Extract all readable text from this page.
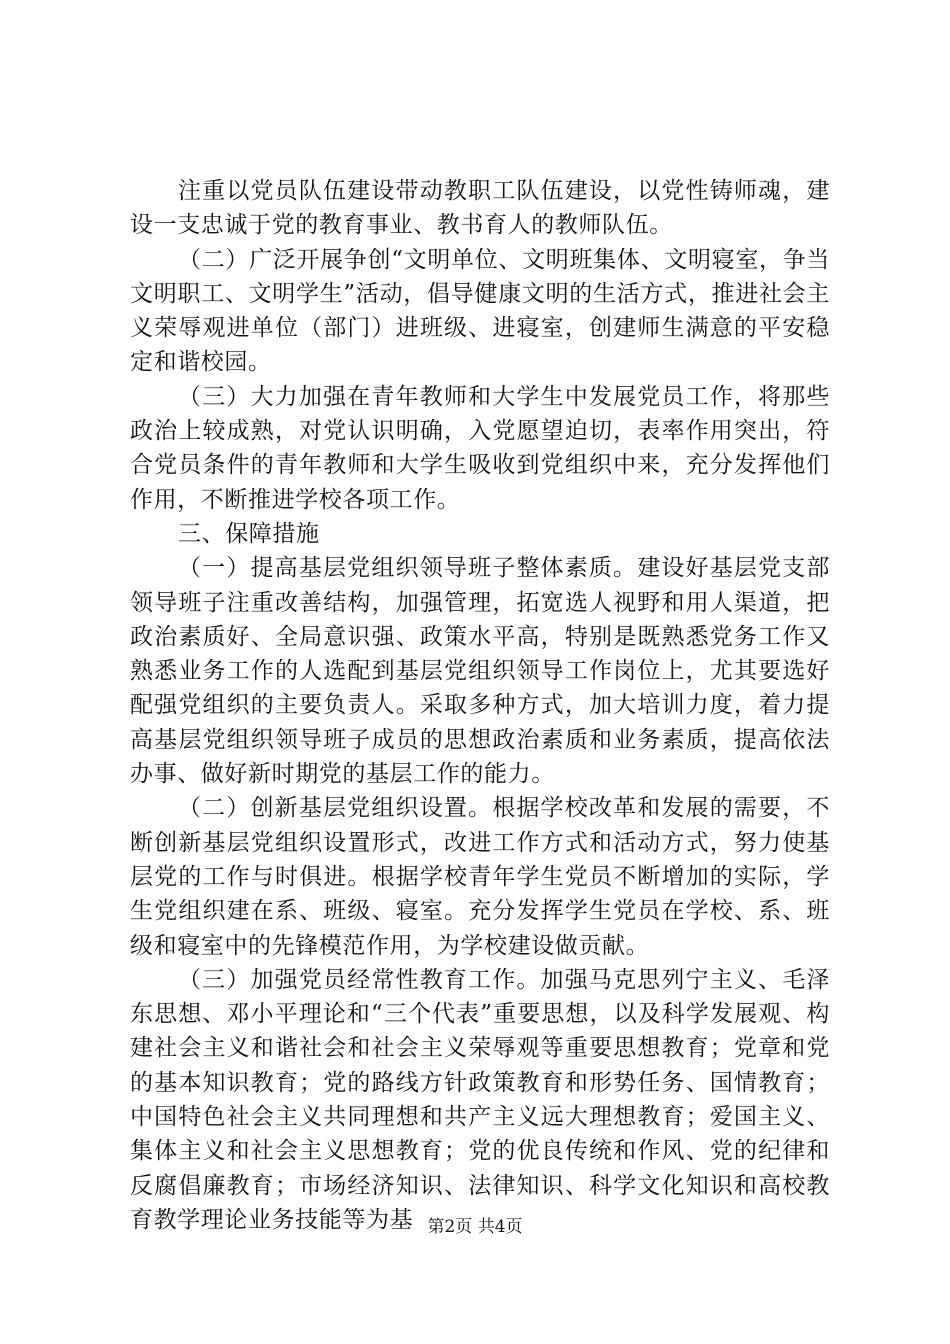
注重以党员队伍建设带动教职工队伍建设，以党性铸师魂，建设一支忠诚于党的教育事业、教书育人的教师队伍。

（二）广泛开展争创“文明单位、文明班集体、文明寝室，争当文明职工、文明学生”活动，倡导健康文明的生活方式，推进社会主义荣辱观进单位（部门）进班级、进寝室，创建师生满意的平安稳定和谐校园。

（三）大力加强在青年教师和大学生中发展党员工作，将那些政治上较成熟，对党认识明确，入党愿望迫切，表率作用突出，符合党员条件的青年教师和大学生吸收到党组织中来，充分发挥他们作用，不断推进学校各项工作。

三、保障措施

（一）提高基层党组织领导班子整体素质。建设好基层党支部领导班子注重改善结构，加强管理，拓宽选人视野和用人渠道，把政治素质好、全局意识强、政策水平高，特别是既熟悉党务工作又熟悉业务工作的人选配到基层党组织领导工作岗位上，尤其要选好配强党组织的主要负责人。采取多种方式，加大培训力度，着力提高基层党组织领导班子成员的思想政治素质和业务素质，提高依法办事、做好新时期党的基层工作的能力。

（二）创新基层党组织设置。根据学校改革和发展的需要，不断创新基层党组织设置形式，改进工作方式和活动方式，努力使基层党的工作与时俱进。根据学校青年学生党员不断增加的实际，学生党组织建在系、班级、寝室。充分发挥学生党员在学校、系、班级和寝室中的先锋模范作用，为学校建设做贡献。

（三）加强党员经常性教育工作。加强马克思列宁主义、毛泽东思想、邓小平理论和“三个代表”重要思想，以及科学发展观、构建社会主义和谐社会和社会主义荣辱观等重要思想教育；党章和党的基本知识教育；党的路线方针政策教育和形势任务、国情教育；中国特色社会主义共同理想和共产主义远大理想教育；爱国主义、集体主义和社会主义思想教育；党的优良传统和作风、党的纪律和反腐倡廉教育；市场经济知识、法律知识、科学文化知识和高校教育教学理论业务技能等为基 第2页 共4页
